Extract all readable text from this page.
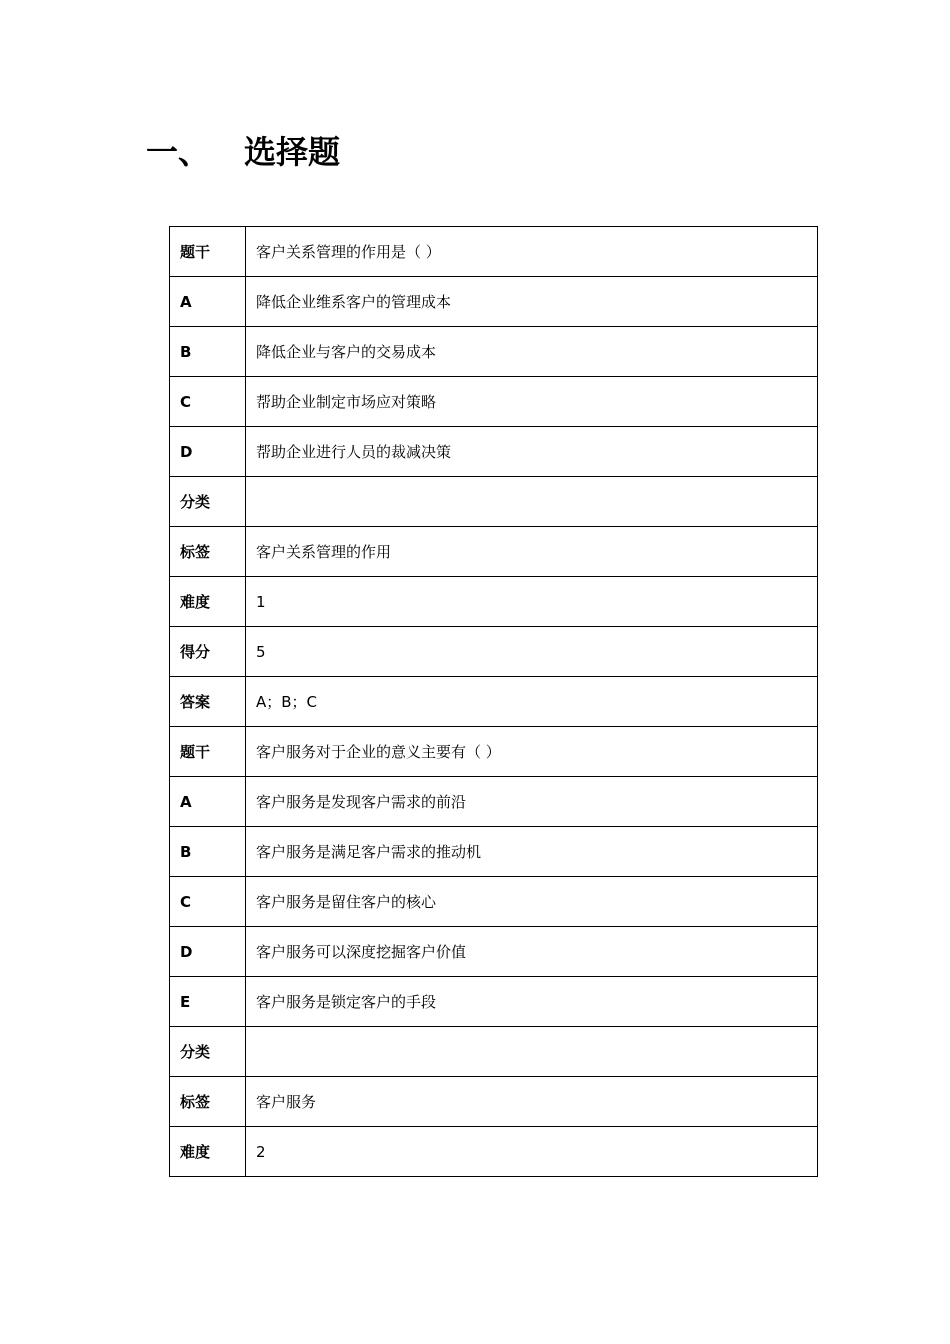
一、	选择题
题干	客户关系管理的作用是（ ）
A	降低企业维系客户的管理成本
B	降低企业与客户的交易成本
C	帮助企业制定市场应对策略
D	帮助企业进行人员的裁减决策
分类	
标签	客户关系管理的作用
难度	1
得分	5
答案	A；B；C
题干	客户服务对于企业的意义主要有（ ）
A	客户服务是发现客户需求的前沿
B	客户服务是满足客户需求的推动机
C	客户服务是留住客户的核心
D	客户服务可以深度挖掘客户价值
E	客户服务是锁定客户的手段
分类	
标签	客户服务
难度	2
